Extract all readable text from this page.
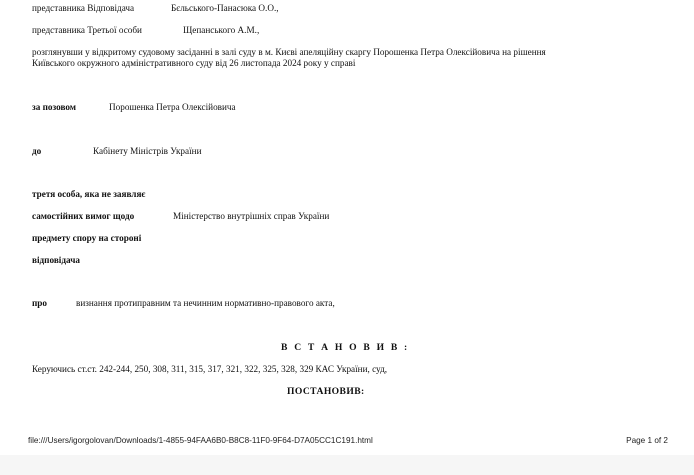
представника Відповідача	Бєльського-Панасюка О.О.,
представника Третьої особи	Щепанського А.М.,
розглянувши у відкритому судовому засіданні в залі суду в м. Києві апеляційну скаргу Порошенка Петра Олексійовича на рішення
Київського окружного адміністративного суду від 26 листопада 2024 року у справі
за позовом	Порошенка Петра Олексійовича
до	Кабінету Міністрів України
третя особа, яка не заявляє
самостійних вимог щодо	Міністерство внутрішніх справ України
предмету спору на стороні
відповідача
про	визнання протиправним та нечинним нормативно-правового акта,
В С Т А Н О В И В :
Керуючись ст.ст. 242-244, 250, 308, 311, 315, 317, 321, 322, 325, 328, 329 КАС України, суд,
ПОСТАНОВИВ:
file:///Users/igorgolovan/Downloads/1-4855-94FAA6B0-B8C8-11F0-9F64-D7A05CC1C191.html	Page 1 of 2
